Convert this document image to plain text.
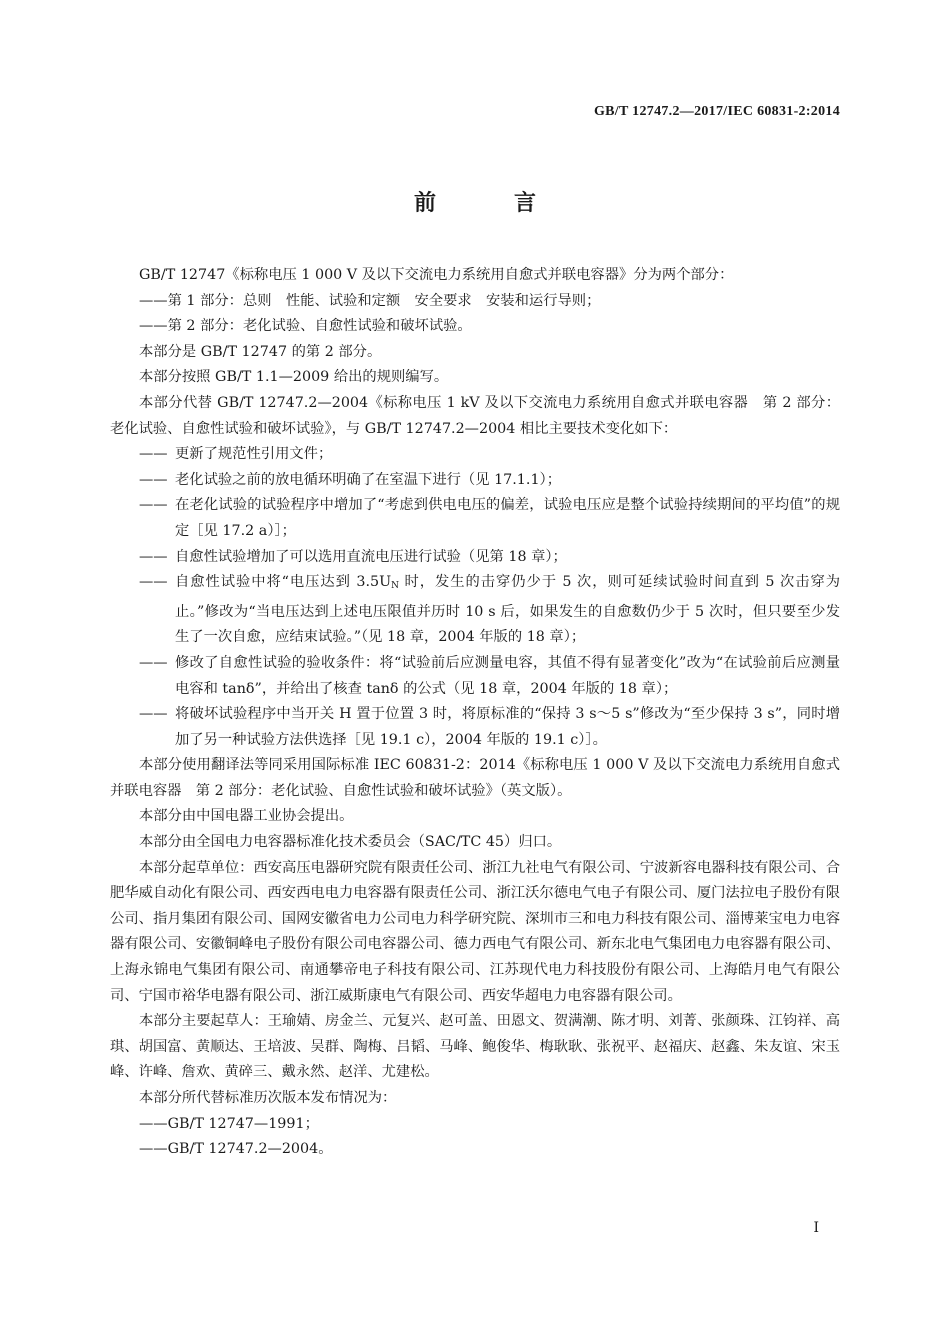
GB/T 12747.2—2017/IEC 60831-2:2014
前　言

GB/T 12747《标称电压 1 000 V 及以下交流电力系统用自愈式并联电容器》分为两个部分：

——第 1 部分：总则　性能、试验和定额　安全要求　安装和运行导则；

——第 2 部分：老化试验、自愈性试验和破坏试验。

本部分是 GB/T 12747 的第 2 部分。

本部分按照 GB/T 1.1—2009 给出的规则编写。

本部分代替 GB/T 12747.2—2004《标称电压 1 kV 及以下交流电力系统用自愈式并联电容器　第 2 部分：老化试验、自愈性试验和破坏试验》，与 GB/T 12747.2—2004 相比主要技术变化如下：

—— 更新了规范性引用文件；
—— 老化试验之前的放电循环明确了在室温下进行（见 17.1.1）；
—— 在老化试验的试验程序中增加了“考虑到供电电压的偏差，试验电压应是整个试验持续期间的平均值”的规定［见 17.2 a）］；
—— 自愈性试验增加了可以选用直流电压进行试验（见第 18 章）；
—— 自愈性试验中将“电压达到 $3.5U_N$ 时，发生的击穿仍少于 5 次，则可延续试验时间直到 5 次击穿为止。”修改为“当电压达到上述电压限值并历时 10 s 后，如果发生的自愈数仍少于 5 次时，但只要至少发生了一次自愈，应结束试验。”（见 18 章，2004 年版的 18 章）；
—— 修改了自愈性试验的验收条件：将“试验前后应测量电容，其值不得有显著变化”改为“在试验前后应测量电容和 tanδ”，并给出了核查 tanδ 的公式（见 18 章，2004 年版的 18 章）；
—— 将破坏试验程序中当开关 H 置于位置 3 时，将原标准的“保持 3 s～5 s”修改为“至少保持 3 s”，同时增加了另一种试验方法供选择［见 19.1 c），2004 年版的 19.1 c）］。

本部分使用翻译法等同采用国际标准 IEC 60831-2：2014《标称电压 1 000 V 及以下交流电力系统用自愈式并联电容器　第 2 部分：老化试验、自愈性试验和破坏试验》（英文版）。

本部分由中国电器工业协会提出。

本部分由全国电力电容器标准化技术委员会（SAC/TC 45）归口。

本部分起草单位：西安高压电器研究院有限责任公司、浙江九社电气有限公司、宁波新容电器科技有限公司、合肥华威自动化有限公司、西安西电电力电容器有限责任公司、浙江沃尔德电气电子有限公司、厦门法拉电子股份有限公司、指月集团有限公司、国网安徽省电力公司电力科学研究院、深圳市三和电力科技有限公司、淄博莱宝电力电容器有限公司、安徽铜峰电子股份有限公司电容器公司、德力西电气有限公司、新东北电气集团电力电容器有限公司、上海永锦电气集团有限公司、南通攀帝电子科技有限公司、江苏现代电力科技股份有限公司、上海皓月电气有限公司、宁国市裕华电器有限公司、浙江威斯康电气有限公司、西安华超电力电容器有限公司。

本部分主要起草人：王瑜婧、房金兰、元复兴、赵可盖、田恩文、贺满潮、陈才明、刘菁、张颜珠、江钧祥、高琪、胡国富、黄顺达、王培波、吴群、陶梅、吕韬、马峰、鲍俊华、梅耿耿、张祝平、赵福庆、赵鑫、朱友谊、宋玉峰、许峰、詹欢、黄碎三、戴永然、赵洋、尤建松。

本部分所代替标准历次版本发布情况为：

——GB/T 12747—1991；

——GB/T 12747.2—2004。

I
